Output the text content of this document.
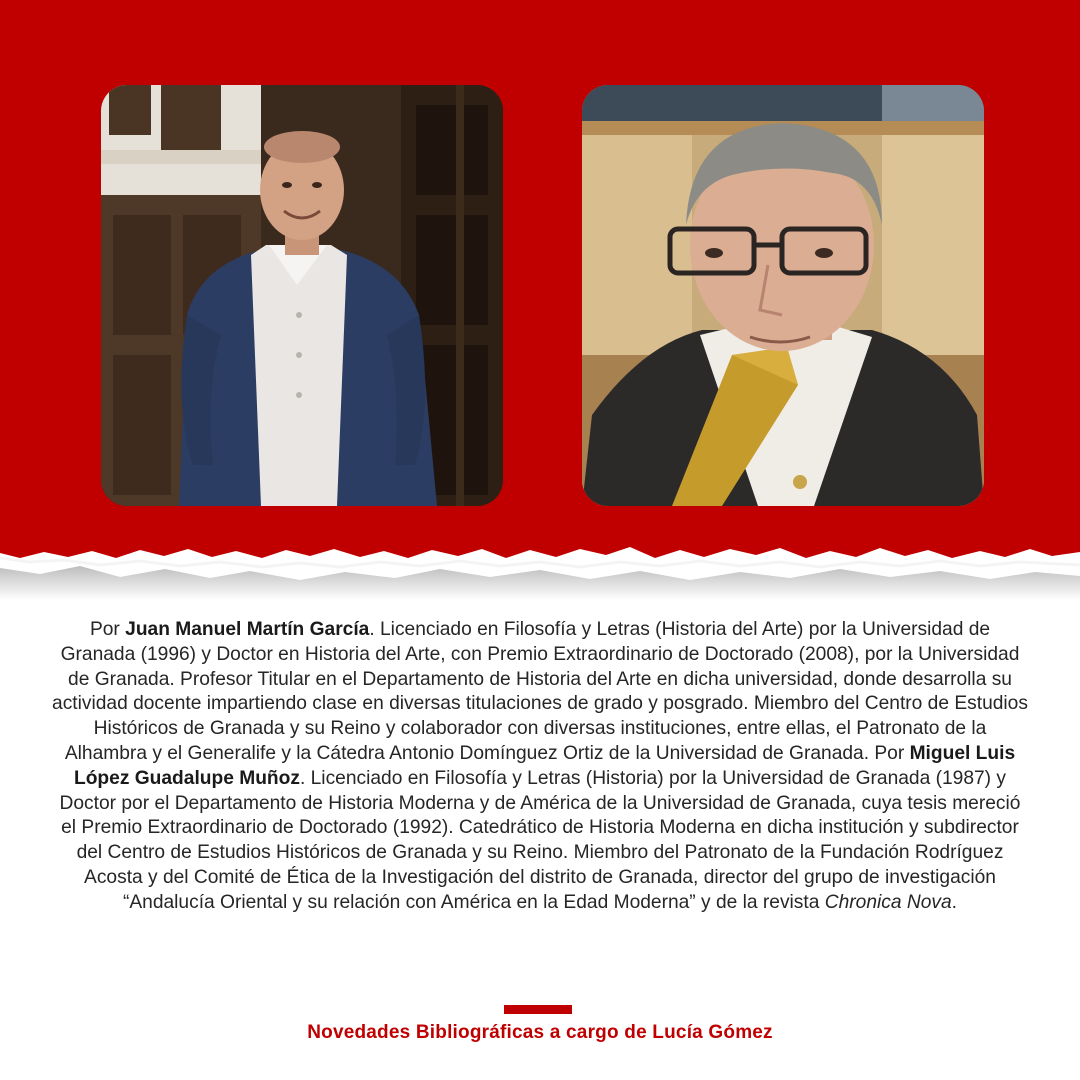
Por Juan Manuel Martín García. Licenciado en Filosofía y Letras (Historia del Arte) por la Universidad de Granada (1996) y Doctor en Historia del Arte, con Premio Extraordinario de Doctorado (2008), por la Universidad de Granada. Profesor Titular en el Departamento de Historia del Arte en dicha universidad, donde desarrolla su actividad docente impartiendo clase en diversas titulaciones de grado y posgrado. Miembro del Centro de Estudios Históricos de Granada y su Reino y colaborador con diversas instituciones, entre ellas, el Patronato de la Alhambra y el Generalife y la Cátedra Antonio Domínguez Ortiz de la Universidad de Granada. Por Miguel Luis López Guadalupe Muñoz. Licenciado en Filosofía y Letras (Historia) por la Universidad de Granada (1987) y Doctor por el Departamento de Historia Moderna y de América de la Universidad de Granada, cuya tesis mereció el Premio Extraordinario de Doctorado (1992). Catedrático de Historia Moderna en dicha institución y subdirector del Centro de Estudios Históricos de Granada y su Reino. Miembro del Patronato de la Fundación Rodríguez Acosta y del Comité de Ética de la Investigación del distrito de Granada, director del grupo de investigación “Andalucía Oriental y su relación con América en la Edad Moderna” y de la revista Chronica Nova.

Novedades Bibliográficas a cargo de Lucía Gómez
